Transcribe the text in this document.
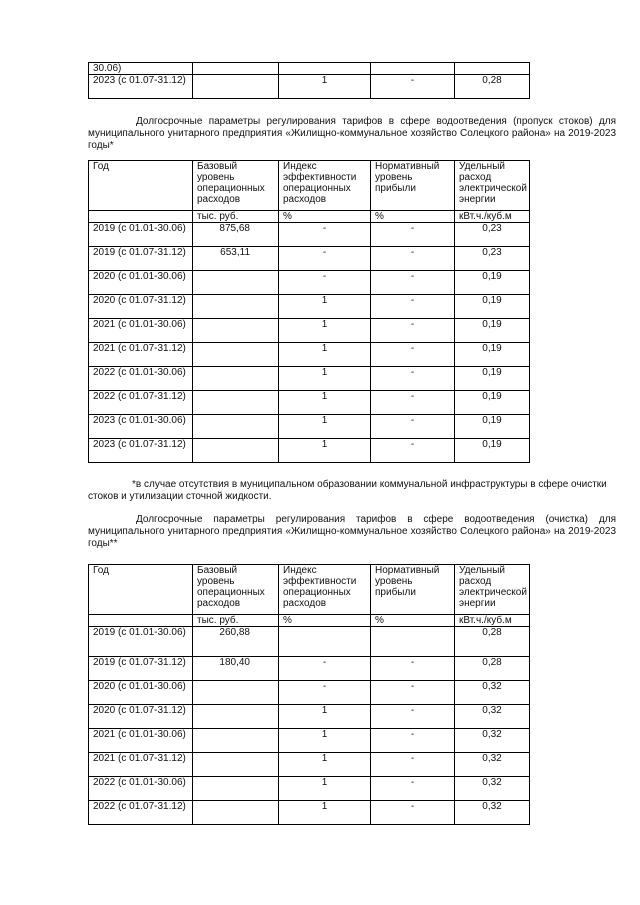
30.06)				
2023 (с 01.07-31.12)		1	-	0,28
Долгосрочные параметры регулирования тарифов в сфере водоотведения (пропуск стоков) для муниципального унитарного предприятия «Жилищно-коммунальное хозяйство Солецкого района» на 2019-2023 годы*
Год	Базовый уровень операционных расходов	Индекс эффективности операционных расходов	Нормативный уровень прибыли	Удельный расход электрической энергии
	тыс. руб.	%	%	кВт.ч./куб.м
2019 (с 01.01-30.06)	875,68	-	-	0,23
2019 (с 01.07-31.12)	653,11	-	-	0,23
2020 (с 01.01-30.06)		-	-	0,19
2020 (с 01.07-31.12)		1	-	0,19
2021 (с 01.01-30.06)		1	-	0,19
2021 (с 01.07-31.12)		1	-	0,19
2022 (с 01.01-30.06)		1	-	0,19
2022 (с 01.07-31.12)		1	-	0,19
2023 (с 01.01-30.06)		1	-	0,19
2023 (с 01.07-31.12)		1	-	0,19
*в случае отсутствия в муниципальном образовании коммунальной инфраструктуры в сфере очистки стоков и утилизации сточной жидкости.
Долгосрочные параметры регулирования тарифов в сфере водоотведения (очистка) для муниципального унитарного предприятия «Жилищно-коммунальное хозяйство Солецкого района» на 2019-2023 годы**
Год	Базовый уровень операционных расходов	Индекс эффективности операционных расходов	Нормативный уровень прибыли	Удельный расход электрической энергии
	тыс. руб.	%	%	кВт.ч./куб.м
2019 (с 01.01-30.06)	260,88			0,28
2019 (с 01.07-31.12)	180,40	-	-	0,28
2020 (с 01.01-30.06)		-	-	0,32
2020 (с 01.07-31.12)		1	-	0,32
2021 (с 01.01-30.06)		1	-	0,32
2021 (с 01.07-31.12)		1	-	0,32
2022 (с 01.01-30.06)		1	-	0,32
2022 (с 01.07-31.12)		1	-	0,32
